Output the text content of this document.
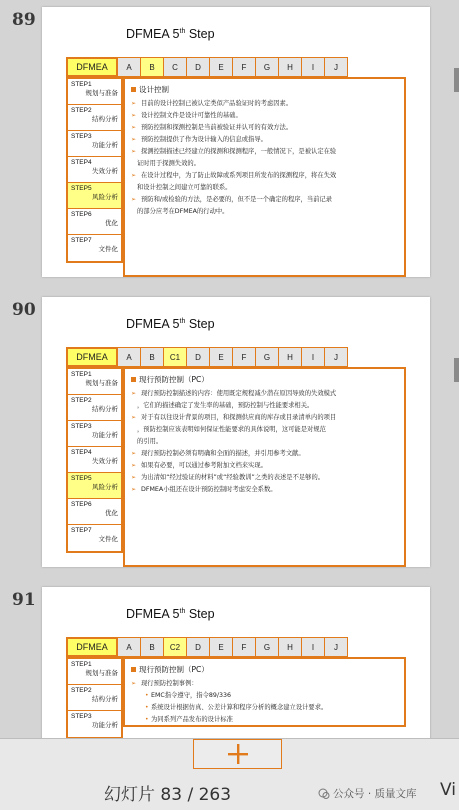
89
DFMEA 5th Step
DFMEA	A	B	C	D	E	F	G	H	I	J
STEP1
规划与准备
STEP2
结构分析
STEP3
功能分析
STEP4
失效分析
STEP5
风险分析
STEP6
优化
STEP7
文件化
设计控制
➢ 目前的设计控制已被认定类似产品验证时的考虑因素。
➢ 设计控制文件是设计可靠性的基础。
➢ 预防控制和探测控制是当前被验证并认可的有效方法。
➢ 预防控制提供了作为设计输入的信息或指导。
➢ 探测控制描述已经建立的探测和探测程序，一般情况下，是被认定在验
证时用于探测失效的。
➢ 在设计过程中，为了防止故障或系列项目所发布的探测程序，将在失效
和设计控制之间建立可靠的联系。
➢ 预防和/或检验的方法，是必要的，但不是一个确定的程序，当前记录
的部分应考在DFMEA的行动中。
90
DFMEA 5th Step
DFMEA	A	B	C1	D	E	F	G	H	I	J
STEP1
规划与准备
STEP2
结构分析
STEP3
功能分析
STEP4
失效分析
STEP5
风险分析
STEP6
优化
STEP7
文件化
现行预防控制（PC）
➢ 现行预防控制描述的内容：使用既定规程减少潜在原因导致的失效模式
，它们的描述确定了发生率的基础，预防控制与性能要求相关。
➢ 对于有以往设计背景的项目，和探测供应商的库存或目录清单内的项目
，预防控制应该表明如何保证性能要求的具体说明，这可能是对规范
的引用。
➢ 现行预防控制必须有明确和全面的描述，并引用参考文献。
➢ 如果有必要，可以通过参考附加文档来实现。
➢ 为出清如“经过验证的材料”或“经验教训”之类的表述是不足够的。
➢ DFMEA小组还在设计预防控制时考虑安全系数。
91
DFMEA 5th Step
DFMEA	A	B	C2	D	E	F	G	H	I	J
STEP1
规划与准备
STEP2
结构分析
STEP3
功能分析
现行预防控制（PC）
➢ 现行预防控制事例：
• EMC指令遵守，指令89/336
• 系统设计根据仿真、公差计算和程序分析的概念建立设计要求。
• 为同系列产品发布的设计标准
幻灯片 83 / 263	公众号 · 质量文库 Vi
